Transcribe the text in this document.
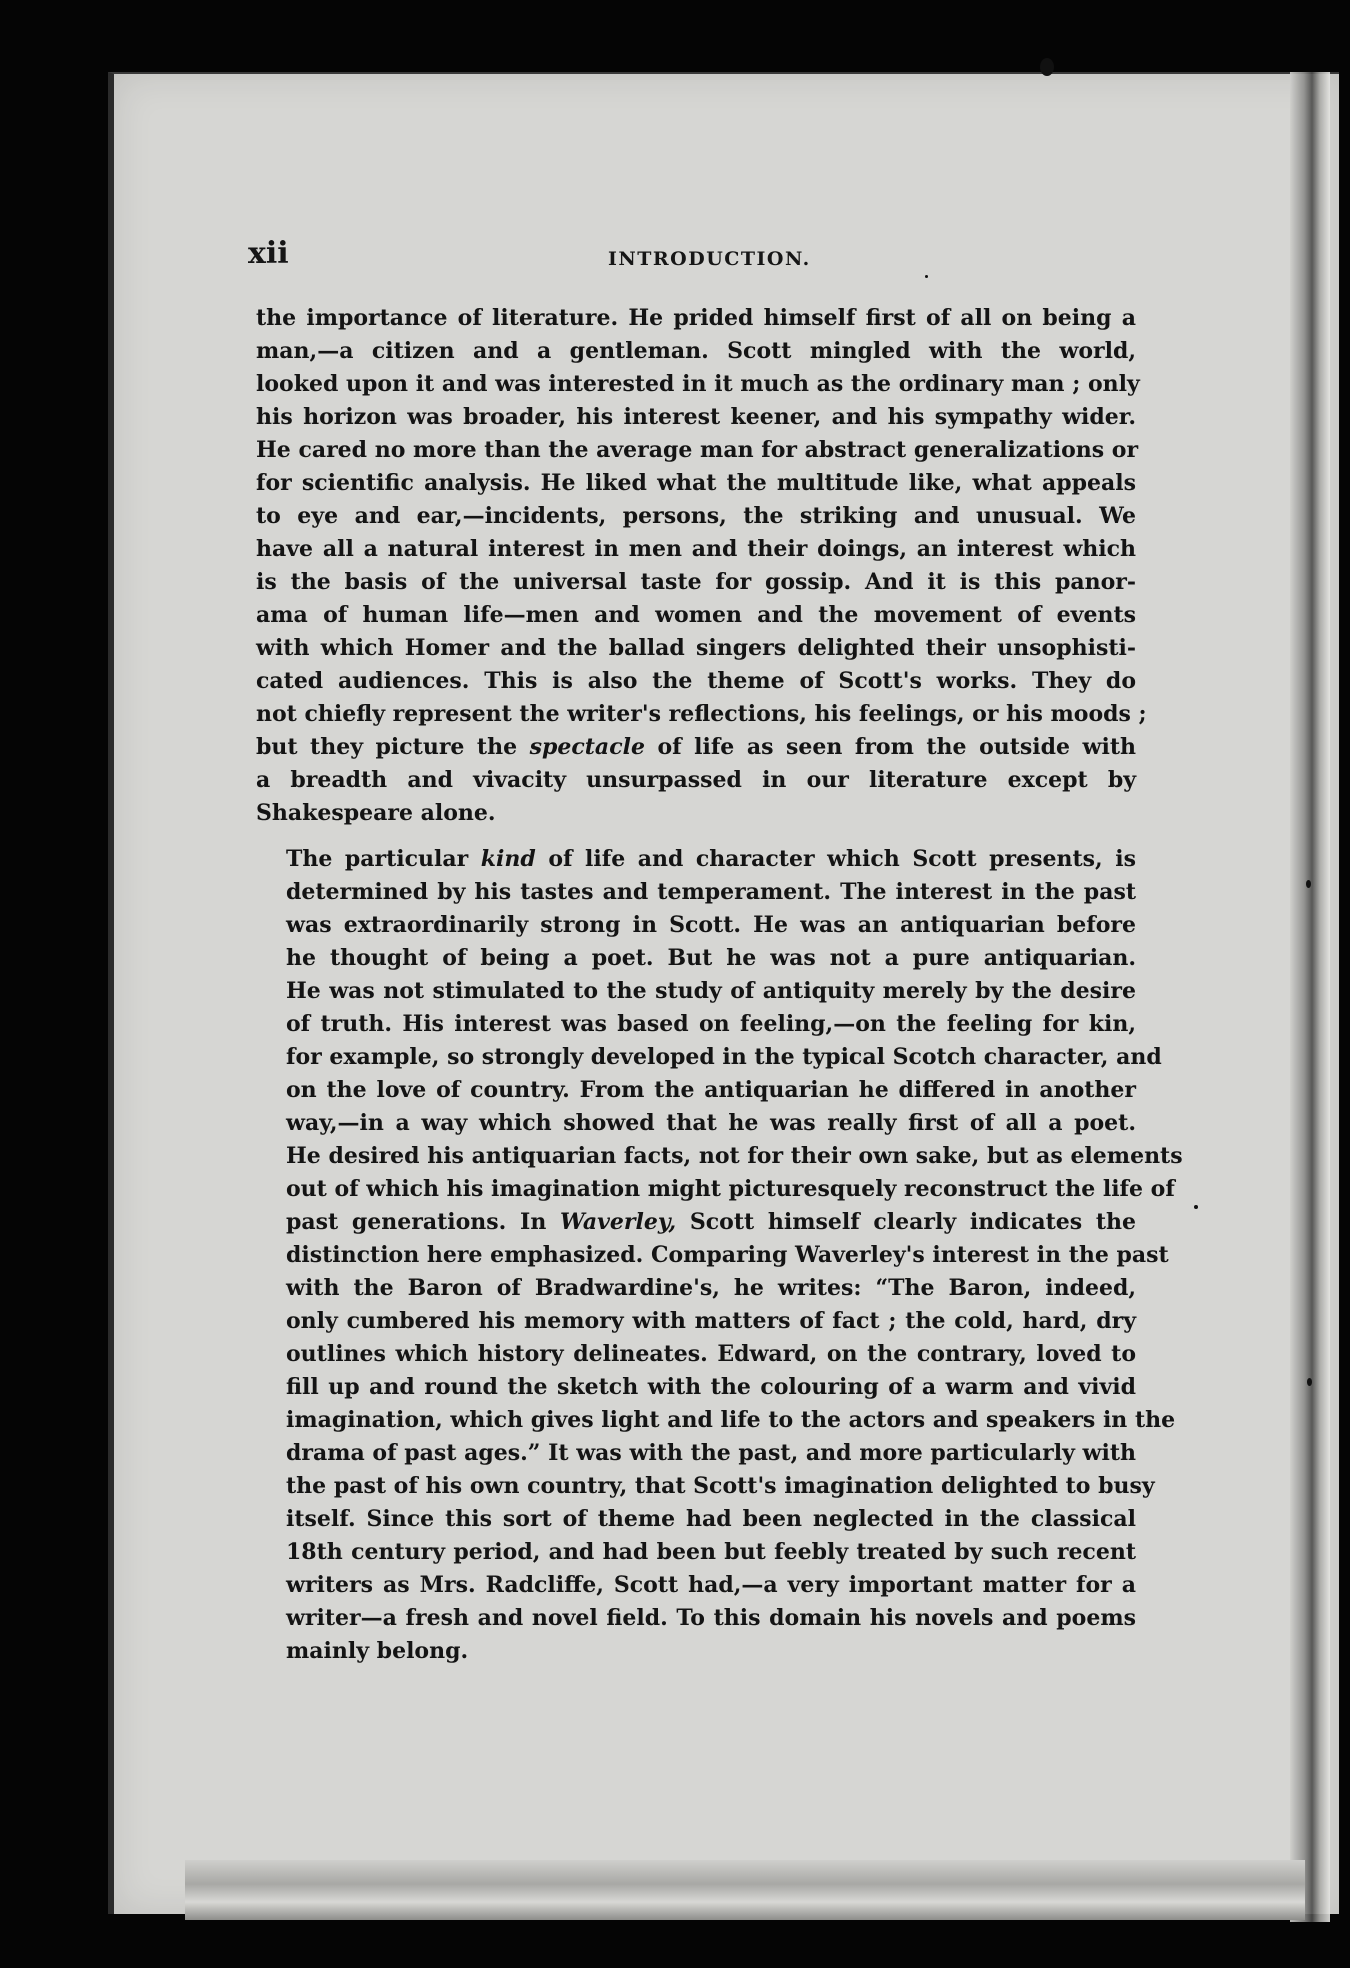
xii	INTRODUCTION.
the importance of literature. He prided himself first of all on being a
man,—a citizen and a gentleman. Scott mingled with the world,
looked upon it and was interested in it much as the ordinary man ; only
his horizon was broader, his interest keener, and his sympathy wider.
He cared no more than the average man for abstract generalizations or
for scientific analysis. He liked what the multitude like, what appeals
to eye and ear,—incidents, persons, the striking and unusual. We
have all a natural interest in men and their doings, an interest which
is the basis of the universal taste for gossip. And it is this panor-
ama of human life—men and women and the movement of events
with which Homer and the ballad singers delighted their unsophisti-
cated audiences. This is also the theme of Scott's works. They do
not chiefly represent the writer's reflections, his feelings, or his moods ;
but they picture the spectacle of life as seen from the outside with
a breadth and vivacity unsurpassed in our literature except by
Shakespeare alone.
The particular kind of life and character which Scott presents, is
determined by his tastes and temperament. The interest in the past
was extraordinarily strong in Scott. He was an antiquarian before
he thought of being a poet. But he was not a pure antiquarian.
He was not stimulated to the study of antiquity merely by the desire
of truth. His interest was based on feeling,—on the feeling for kin,
for example, so strongly developed in the typical Scotch character, and
on the love of country. From the antiquarian he differed in another
way,—in a way which showed that he was really first of all a poet.
He desired his antiquarian facts, not for their own sake, but as elements
out of which his imagination might picturesquely reconstruct the life of
past generations. In Waverley, Scott himself clearly indicates the
distinction here emphasized. Comparing Waverley's interest in the past
with the Baron of Bradwardine's, he writes: “The Baron, indeed,
only cumbered his memory with matters of fact ; the cold, hard, dry
outlines which history delineates. Edward, on the contrary, loved to
fill up and round the sketch with the colouring of a warm and vivid
imagination, which gives light and life to the actors and speakers in the
drama of past ages.” It was with the past, and more particularly with
the past of his own country, that Scott's imagination delighted to busy
itself. Since this sort of theme had been neglected in the classical
18th century period, and had been but feebly treated by such recent
writers as Mrs. Radcliffe, Scott had,—a very important matter for a
writer—a fresh and novel field. To this domain his novels and poems
mainly belong.
